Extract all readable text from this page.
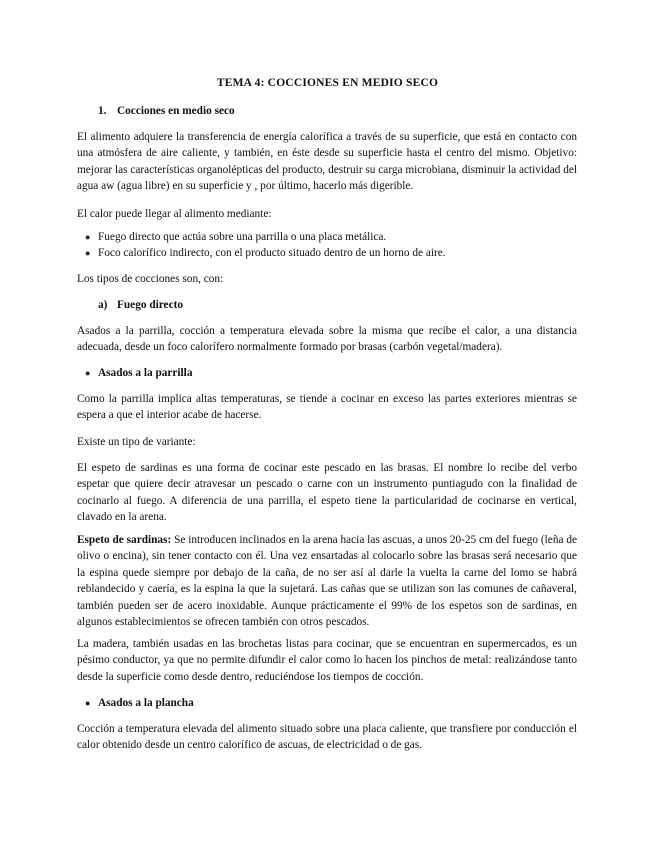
TEMA 4: COCCIONES EN MEDIO SECO
1. Cocciones en medio seco

El alimento adquiere la transferencia de energía calorífica a través de su superficie, que está en contacto con una atmósfera de aire caliente, y también, en éste desde su superficie hasta el centro del mismo. Objetivo: mejorar las características organolépticas del producto, destruir su carga microbiana, disminuir la actividad del agua aw (agua libre) en su superficie y , por último, hacerlo más digerible.

El calor puede llegar al alimento mediante:

● Fuego directo que actúa sobre una parrilla o una placa metálica.
● Foco calorífico indirecto, con el producto situado dentro de un horno de aire.

Los tipos de cocciones son, con:

a) Fuego directo

Asados a la parrilla, cocción a temperatura elevada sobre la misma que recibe el calor, a una distancia adecuada, desde un foco calorífero normalmente formado por brasas (carbón vegetal/madera).

● Asados a la parrilla

Como la parrilla implica altas temperaturas, se tiende a cocinar en exceso las partes exteriores mientras se espera a que el interior acabe de hacerse.

Existe un tipo de variante:

El espeto de sardinas es una forma de cocinar este pescado en las brasas. El nombre lo recibe del verbo espetar que quiere decir atravesar un pescado o carne con un instrumento puntiagudo con la finalidad de cocinarlo al fuego. A diferencia de una parrilla, el espeto tiene la particularidad de cocinarse en vertical, clavado en la arena.

Espeto de sardinas: Se introducen inclinados en la arena hacia las ascuas, a unos 20-25 cm del fuego (leña de olivo o encina), sin tener contacto con él. Una vez ensartadas al colocarlo sobre las brasas será necesario que la espina quede siempre por debajo de la caña, de no ser así al darle la vuelta la carne del lomo se habrá reblandecido y caería, es la espina la que la sujetará. Las cañas que se utilizan son las comunes de cañaveral, también pueden ser de acero inoxidable. Aunque prácticamente el 99% de los espetos son de sardinas, en algunos establecimientos se ofrecen también con otros pescados.

La madera, también usadas en las brochetas listas para cocinar, que se encuentran en supermercados, es un pésimo conductor, ya que no permite difundir el calor como lo hacen los pinchos de metal: realizándose tanto desde la superficie como desde dentro, reduciéndose los tiempos de cocción.

● Asados a la plancha

Cocción a temperatura elevada del alimento situado sobre una placa caliente, que transfiere por conducción el calor obtenido desde un centro calorífico de ascuas, de electricidad o de gas.
